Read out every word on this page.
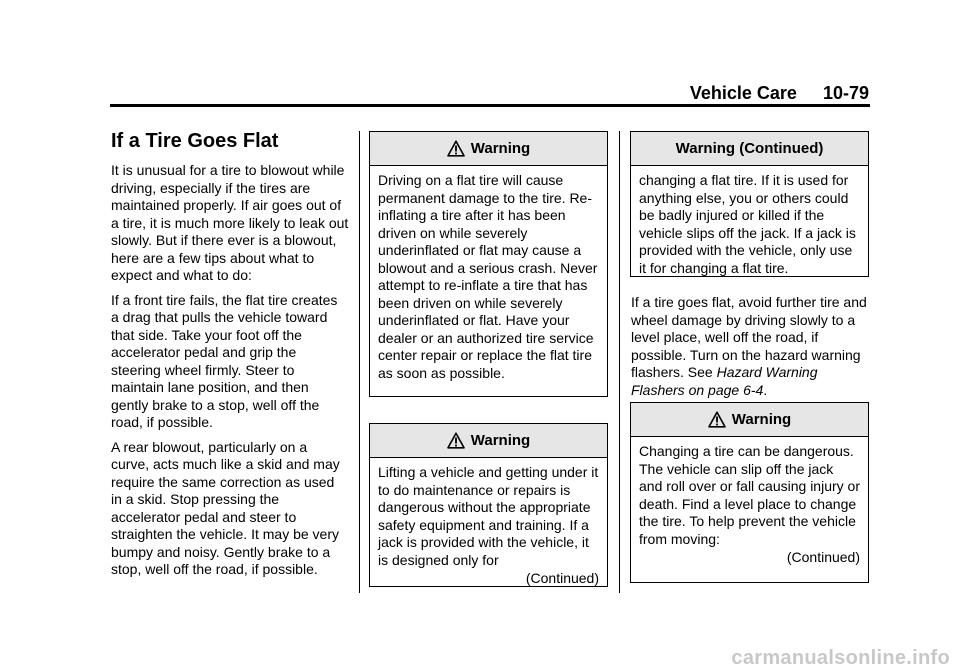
Vehicle Care 10-79
If a Tire Goes Flat

It is unusual for a tire to blowout while driving, especially if the tires are maintained properly. If air goes out of a tire, it is much more likely to leak out slowly. But if there ever is a blowout, here are a few tips about what to expect and what to do:

If a front tire fails, the flat tire creates a drag that pulls the vehicle toward that side. Take your foot off the accelerator pedal and grip the steering wheel firmly. Steer to maintain lane position, and then gently brake to a stop, well off the road, if possible.

A rear blowout, particularly on a curve, acts much like a skid and may require the same correction as used in a skid. Stop pressing the accelerator pedal and steer to straighten the vehicle. It may be very bumpy and noisy. Gently brake to a stop, well off the road, if possible.

Warning
Driving on a flat tire will cause permanent damage to the tire. Re-inflating a tire after it has been driven on while severely underinflated or flat may cause a blowout and a serious crash. Never attempt to re-inflate a tire that has been driven on while severely underinflated or flat. Have your dealer or an authorized tire service center repair or replace the flat tire as soon as possible.
Warning
Lifting a vehicle and getting under it to do maintenance or repairs is dangerous without the appropriate safety equipment and training. If a jack is provided with the vehicle, it is designed only for
(Continued)
Warning (Continued)
changing a flat tire. If it is used for anything else, you or others could be badly injured or killed if the vehicle slips off the jack. If a jack is provided with the vehicle, only use it for changing a flat tire.

If a tire goes flat, avoid further tire and wheel damage by driving slowly to a level place, well off the road, if possible. Turn on the hazard warning flashers. See Hazard Warning Flashers on page 6-4.

Warning
Changing a tire can be dangerous. The vehicle can slip off the jack and roll over or fall causing injury or death. Find a level place to change the tire. To help prevent the vehicle from moving:
(Continued)
carmanualsonline.info
